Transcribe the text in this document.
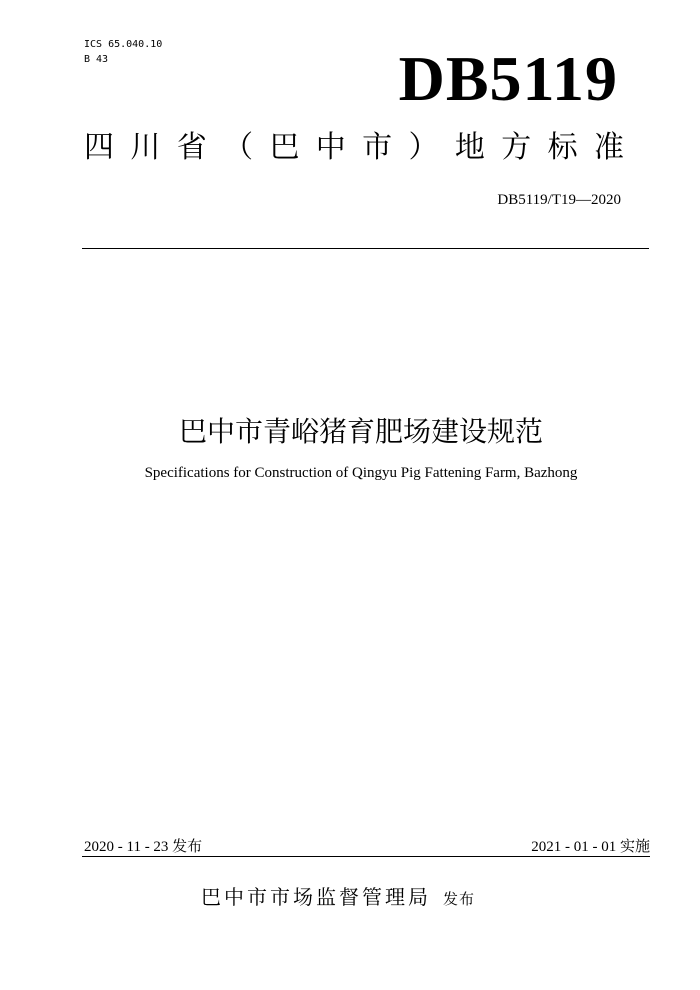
ICS 65.040.10
B 43	DB5119
四 川 省 （ 巴 中 市 ） 地 方 标 准
DB5119/T19—2020
巴中市青峪猪育肥场建设规范
Specifications for Construction of Qingyu Pig Fattening Farm, Bazhong
2020 - 11 - 23 发布	2021 - 01 - 01 实施
巴中市市场监督管理局 发布
